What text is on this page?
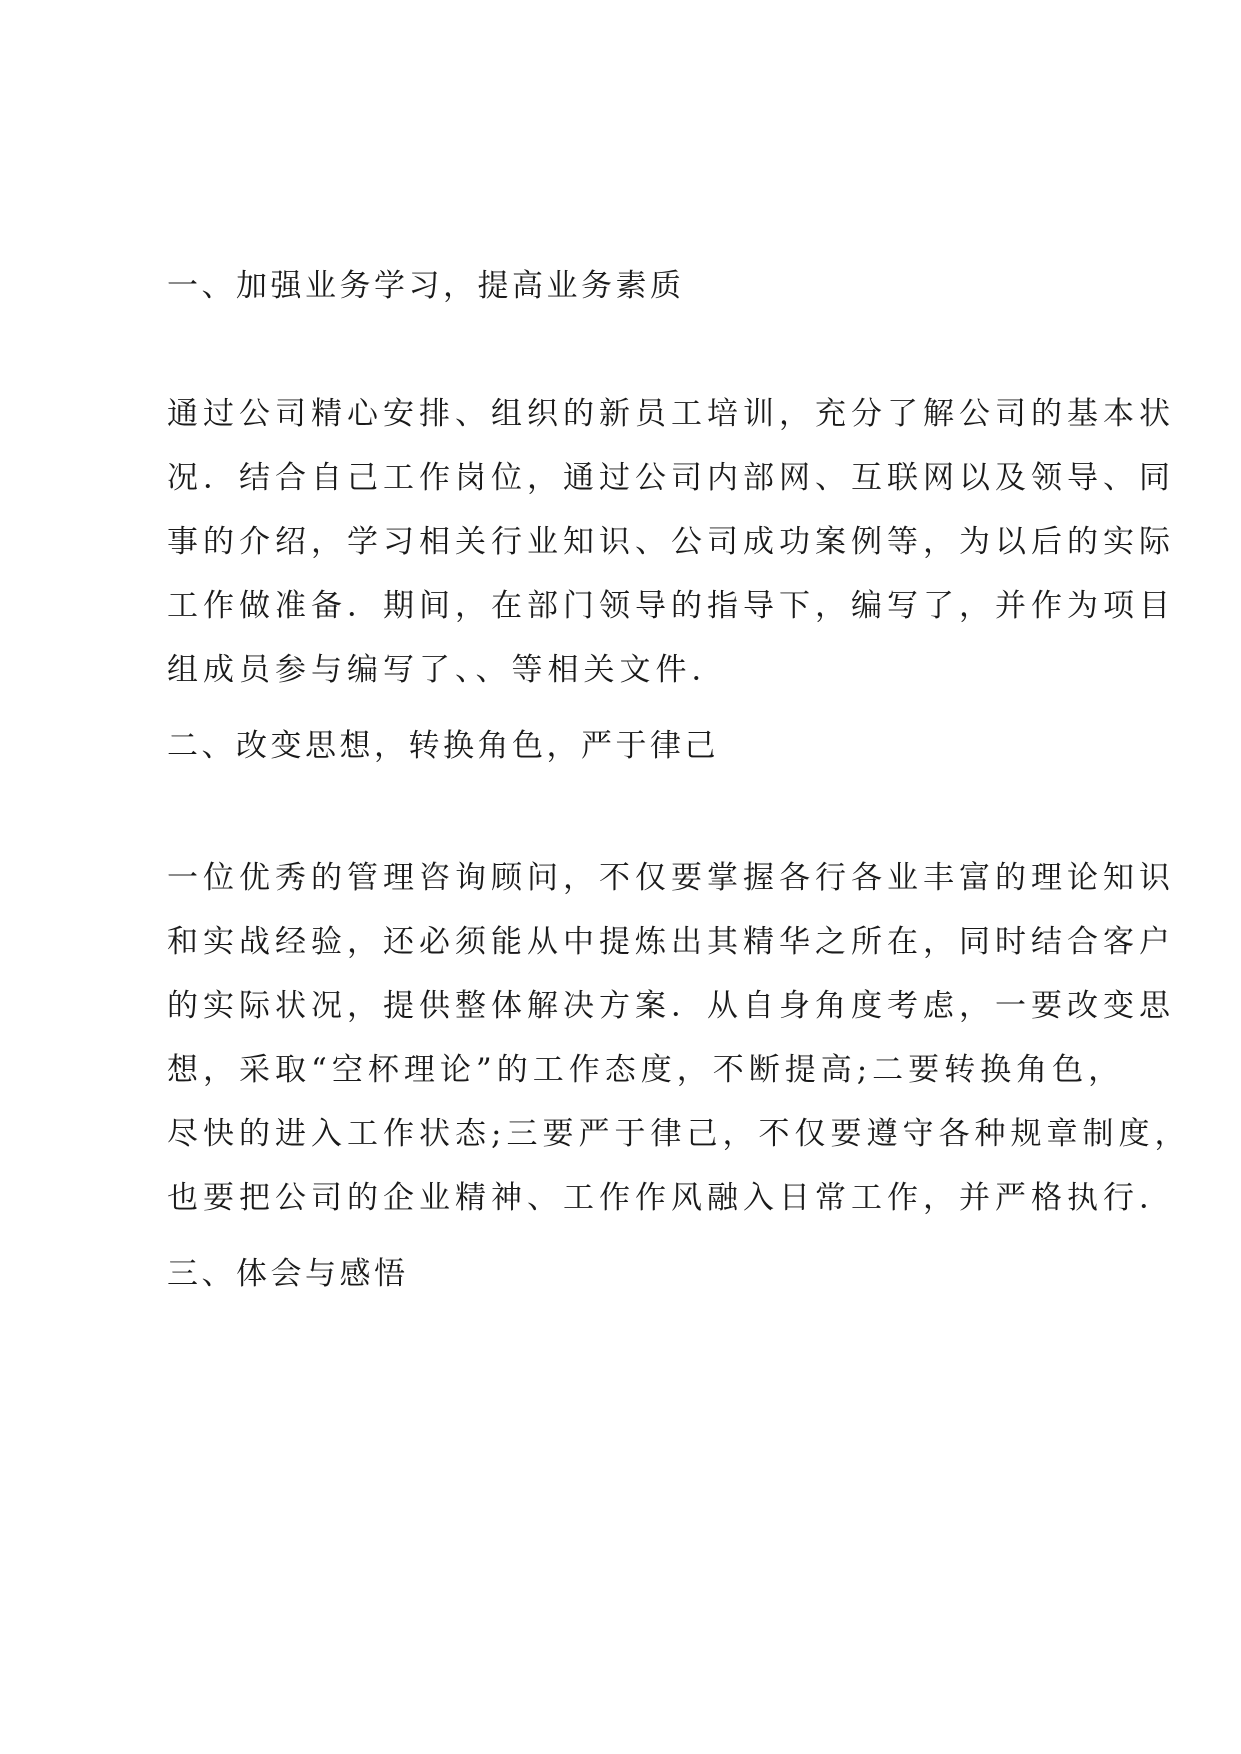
一、加强业务学习，提高业务素质

通过公司精心安排、组织的新员工培训，充分了解公司的基本状
况．结合自己工作岗位，通过公司内部网、互联网以及领导、同
事的介绍，学习相关行业知识、公司成功案例等，为以后的实际
工作做准备．期间，在部门领导的指导下，编写了，并作为项目
组成员参与编写了、、等相关文件．

二、改变思想，转换角色，严于律己

一位优秀的管理咨询顾问，不仅要掌握各行各业丰富的理论知识
和实战经验，还必须能从中提炼出其精华之所在，同时结合客户
的实际状况，提供整体解决方案．从自身角度考虑，一要改变思
想，采取“空杯理论”的工作态度，不断提高;二要转换角色，
尽快的进入工作状态;三要严于律己，不仅要遵守各种规章制度，
也要把公司的企业精神、工作作风融入日常工作，并严格执行．

三、体会与感悟
